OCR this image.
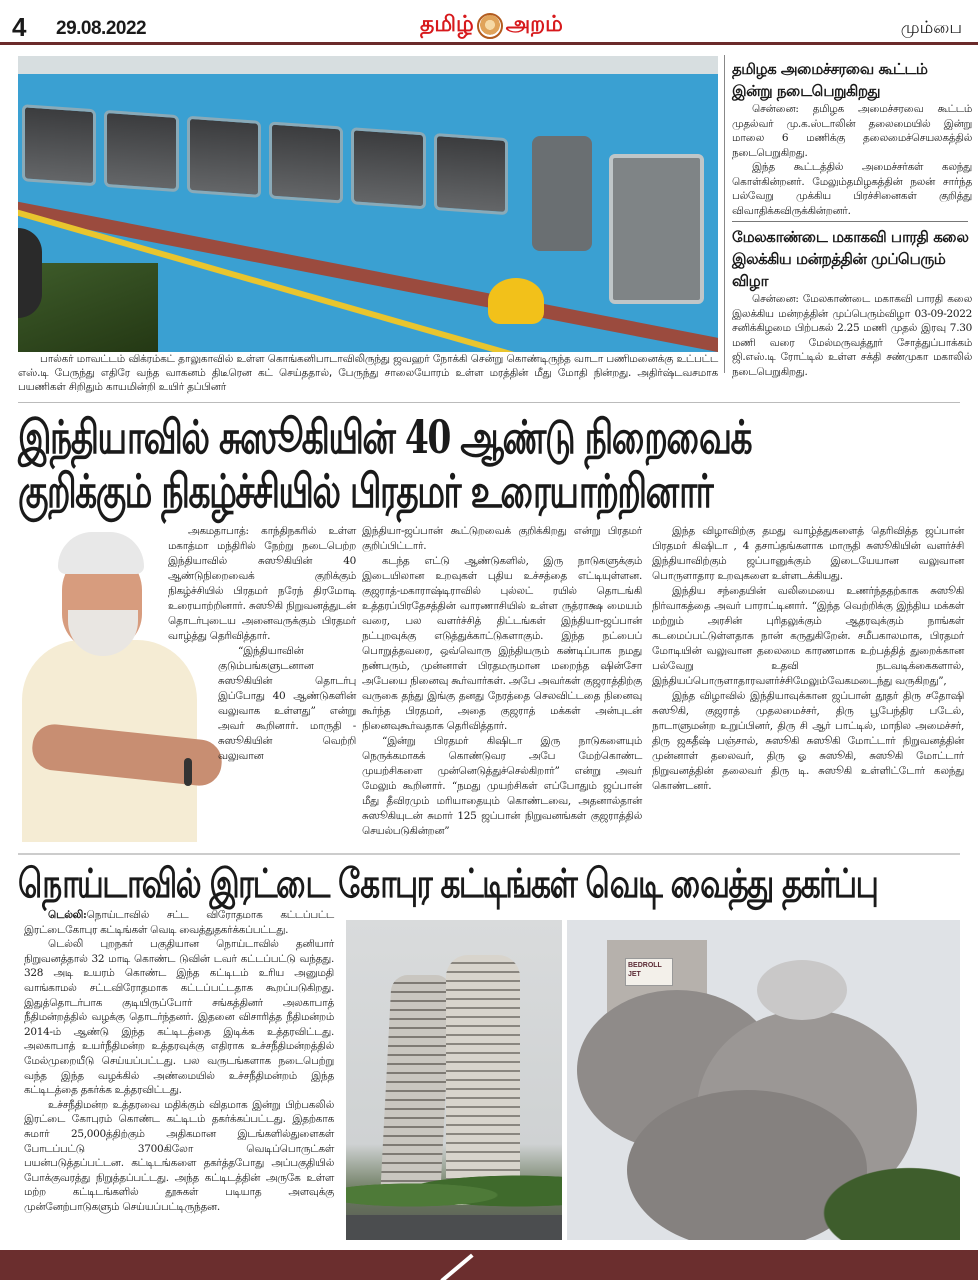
4 29.08.2022	தமிழ் அறம்	மும்பை

பால்கர் மாவட்டம் விக்ரம்கட் தாலுகாவில் உள்ள கொங்கனிபாடாவிலிருந்து ஜவஹர் நோக்கி சென்று கொண்டிருந்த வாடா பணிமனைக்கு உட்பட்ட எஸ்.டி பேருந்து எதிரே வந்த வாகனம் திடீரென கட் செய்ததால், பேருந்து சாலையோரம் உள்ள மரத்தின் மீது மோதி நின்றது. அதிர்ஷ்டவசமாக பயணிகள் சிறிதும் காயமின்றி உயிர் தப்பினர்

தமிழக அமைச்சரவை கூட்டம் இன்று நடைபெறுகிறது

சென்னை: தமிழக அமைச்சரவை கூட்டம் முதல்வர் மு.க.ஸ்டாலின் தலைமையில் இன்று மாலை 6 மணிக்கு தலைமைச்செயலகத்தில் நடைபெறுகிறது.

இந்த கூட்டத்தில் அமைச்சர்கள் கலந்து கொள்கின்றனர். மேலும்தமிழகத்தின் நலன் சார்ந்த பல்வேறு முக்கிய பிரச்சினைகள் குறித்து விவாதிக்கவிருக்கின்றனர்.

மேலகாண்டை மகாகவி பாரதி கலை இலக்கிய மன்றத்தின் முப்பெரும் விழா

சென்னை: மேலகாண்டை மகாகவி பாரதி கலை இலக்கிய மன்றத்தின் முப்பெரும்விழா 03-09-2022 சனிக்கிழமை பிற்பகல் 2.25 மணி முதல் இரவு 7.30 மணி வரை மேல்மருவத்தூர் சோத்துப்பாக்கம் ஜி.எஸ்.டி ரோட்டில் உள்ள சக்தி சண்முகா மகாலில் நடைபெறுகிறது.

இந்தியாவில் சுஸூகியின் 40 ஆண்டு நிறைவைக்
குறிக்கும் நிகழ்ச்சியில் பிரதமர் உரையாற்றினார்

அகமதாபாத்: காந்திநகரில் உள்ள மகாத்மா மந்திரில் நேற்று நடைபெற்ற இந்தியாவில் சுஸூகியின் 40 ஆண்டுநிறைவைக் குறிக்கும் நிகழ்ச்சியில் பிரதமர் நரேந் திரமோடி உரையாற்றினார். சுஸூகி நிறுவனத்துடன் தொடர்புடைய அனைவருக்கும் பிரதமர் வாழ்த்து தெரிவித்தார்.

“இந்தியாவின் குடும்பங்களுடனான சுஸூகியின் தொடர்பு இப்போது 40 ஆண்டுகளின் வலுவாக உள்ளது” என்று அவர் கூறினார். மாருதி - சுஸூகியின் வெற்றி வலுவான

இந்தியா-ஜப்பான் கூட்டுறவைக் குறிக்கிறது என்று பிரதமர் குறிப்பிட்டார்.

கடந்த எட்டு ஆண்டுகளில், இரு நாடுகளுக்கும் இடையிலான உறவுகள் புதிய உச்சத்தை எட்டியுள்ளன. குஜராத்-மகாராஷ்டிராவில் புல்லட் ரயில் தொடங்கி உத்தரப்பிரதேசத்தின் வாரணாசியில் உள்ள ருத்ராக்ஷ மையம் வரை, பல வளர்ச்சித் திட்டங்கள் இந்தியா-ஜப்பான் நட்புறவுக்கு எடுத்துக்காட்டுகளாகும். இந்த நட்பைப் பொறுத்தவரை, ஒவ்வொரு இந்தியரும் கண்டிப்பாக நமது நண்பரும், முன்னாள் பிரதமருமான மறைந்த ஷின்சோ அபேயை நினைவு கூர்வார்கள். அபே அவர்கள் குஜராத்திற்கு வருகை தந்து இங்கு தனது நேரத்தை செலவிட்டதை நினைவு கூர்ந்த பிரதமர், அதை குஜராத் மக்கள் அன்புடன் நினைவுகூர்வதாக தெரிவித்தார்.

“இன்று பிரதமர் கிஷிடா இரு நாடுகளையும் நெருக்கமாகக் கொண்டுவர அபே மேற்கொண்ட முயற்சிகளை முன்னெடுத்துச்செல்கிறார்” என்று அவர் மேலும் கூறினார். “நமது முயற்சிகள் எப்போதும் ஜப்பான் மீது தீவிரமும் மரியாதையும் கொண்டவை, அதனால்தான் சுஸூகியுடன் சுமார் 125 ஜப்பான் நிறுவனங்கள் குஜராத்தில் செயல்படுகின்றன”

இந்த விழாவிற்கு தமது வாழ்த்துகளைத் தெரிவித்த ஜப்பான் பிரதமர் கிஷிடா , 4 தசாப்தங்களாக மாருதி சுஸூகியின் வளர்ச்சி இந்தியாவிற்கும் ஜப்பானுக்கும் இடையேயான வலுவான பொருளாதார உறவுகளை உள்ளடக்கியது.

இந்திய சந்தையின் வலிமையை உணர்ந்ததற்காக சுஸூகி நிர்வாகத்தை அவர் பாராட்டினார். “இந்த வெற்றிக்கு இந்திய மக்கள் மற்றும் அரசின் புரிதலுக்கும் ஆதரவுக்கும் நாங்கள் கடமைப்பட்டுள்ளதாக நான் கருதுகிறேன். சமீபகாலமாக, பிரதமர் மோடியின் வலுவான தலைமை காரணமாக உற்பத்தித் துறைக்கான பல்வேறு உதவி நடவடிக்கைகளால், இந்தியப்பொருளாதாரவளர்ச்சிமேலும்வேகமடைந்து வருகிறது”,

இந்த விழாவில் இந்தியாவுக்கான ஜப்பான் தூதர் திரு சதோஷி சுஸூகி, குஜராத் முதலமைச்சர், திரு பூபேந்திர படேல், நாடாளுமன்ற உறுப்பினர், திரு சி ஆர் பாட்டில், மாநில அமைச்சர், திரு ஜகதீஷ் பஞ்சால், சுஸூகி சுஸூகி மோட்டார் நிறுவனத்தின் முன்னாள் தலைவர், திரு ஓ சுஸூகி, சுஸூகி மோட்டார் நிறுவனத்தின் தலைவர் திரு டி. சுஸூகி உள்ளிட்டோர் கலந்து கொண்டனர்.

நொய்டாவில் இரட்டை கோபுர கட்டிங்கள் வெடி வைத்து தகர்ப்பு

டெல்லி:நொய்டாவில் சட்ட விரோதமாக கட்டப்பட்ட இரட்டைகோபுர கட்டிங்கள் வெடி வைத்துதகர்க்கப்பட்டது.

டெல்லி புறநகர் பகுதியான நொய்டாவில் தனியார் நிறுவனத்தால் 32 மாடி கொண்ட டுவின் டவர் கட்டப்பட்டு வந்தது. 328 அடி உயரம் கொண்ட இந்த கட்டிடம் உரிய அனுமதி வாங்காமல் சட்டவிரோதமாக கட்டப்பட்டதாக கூறப்படுகிறது. இதுத்தொடர்பாக குடியிருப்போர் சங்கத்தினர் அலகாபாத் நீதிமன்றத்தில் வழக்கு தொடர்ந்தனர். இதனை விசாரித்த நீதிமன்றம் 2014-ம் ஆண்டு இந்த கட்டிடத்தை இடிக்க உத்தரவிட்டது. அலகாபாத் உயர்நீதிமன்ற உத்தரவுக்கு எதிராக உச்சநீதிமன்றத்தில் மேல்முறையீடு செய்யப்பட்டது. பல வருடங்களாக நடைபெற்று வந்த இந்த வழக்கில் அண்மையில் உச்சநீதிமன்றம் இந்த கட்டிடத்தை தகர்க்க உத்தரவிட்டது.

உச்சநீதிமன்ற உத்தரவை மதிக்கும் விதமாக இன்று பிற்பகலில் இரட்டை கோபுரம் கொண்ட கட்டிடம் தகர்க்கப்பட்டது. இதற்காக சுமார் 25,000த்திற்கும் அதிகமான இடங்களில்துளைகள் போடப்பட்டு 3700கிலோ வெடிப்பொருட்கள் பயன்படுத்தப்பட்டன. கட்டிடங்களை தகர்த்தபோது அப்பகுதியில் போக்குவரத்து நிறுத்தப்பட்டது. அந்த கட்டிடத்தின் அருகே உள்ள மற்ற கட்டிடங்களில் தூசுகள் படியாத அளவுக்கு முன்னேற்பாடுகளும் செய்யப்பட்டிருந்தன.

BEDROLL JET
